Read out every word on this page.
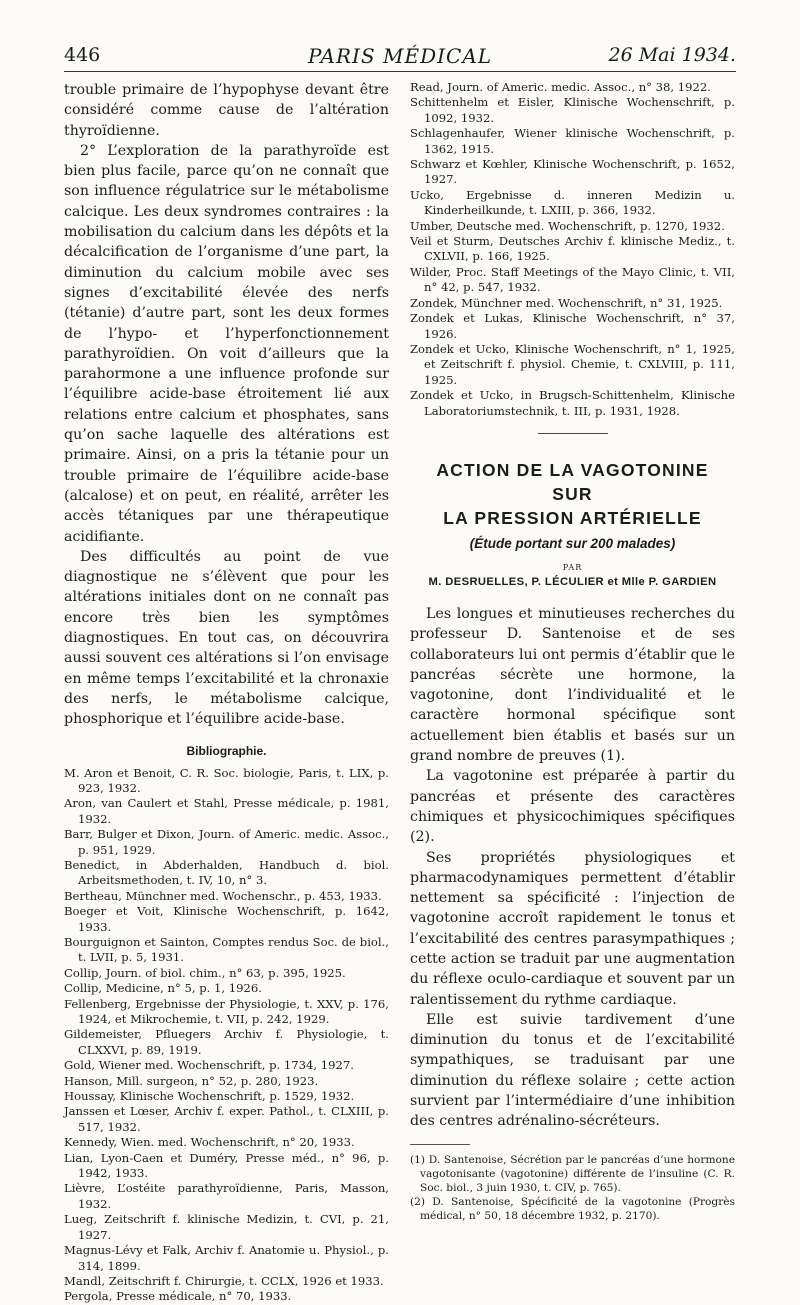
446	PARIS MÉDICAL	26 Mai 1934.

trouble primaire de l’hypophyse devant être considéré comme cause de l’altération thyroïdienne.

2° L’exploration de la parathyroïde est bien plus facile, parce qu’on ne connaît que son influence régulatrice sur le métabolisme calcique. Les deux syndromes contraires : la mobilisation du calcium dans les dépôts et la décalcification de l’organisme d’une part, la diminution du calcium mobile avec ses signes d’excitabilité élevée des nerfs (tétanie) d’autre part, sont les deux formes de l’hypo- et l’hyperfonctionnement parathyroïdien. On voit d’ailleurs que la parahormone a une influence profonde sur l’équilibre acide-base étroitement lié aux relations entre calcium et phosphates, sans qu’on sache laquelle des altérations est primaire. Ainsi, on a pris la tétanie pour un trouble primaire de l’équilibre acide-base (alcalose) et on peut, en réalité, arrêter les accès tétaniques par une thérapeutique acidifiante.

Des difficultés au point de vue diagnostique ne s’élèvent que pour les altérations initiales dont on ne connaît pas encore très bien les symptômes diagnostiques. En tout cas, on découvrira aussi souvent ces altérations si l’on envisage en même temps l’excitabilité et la chronaxie des nerfs, le métabolisme calcique, phosphorique et l’équilibre acide-base.

Bibliographie.
M. Aron et Benoit, C. R. Soc. biologie, Paris, t. LIX, p. 923, 1932.
Aron, van Caulert et Stahl, Presse médicale, p. 1981, 1932.
Barr, Bulger et Dixon, Journ. of Americ. medic. Assoc., p. 951, 1929.
Benedict, in Abderhalden, Handbuch d. biol. Arbeitsmethoden, t. IV, 10, n° 3.
Bertheau, Münchner med. Wochenschr., p. 453, 1933.
Boeger et Voit, Klinische Wochenschrift, p. 1642, 1933.
Bourguignon et Sainton, Comptes rendus Soc. de biol., t. LVII, p. 5, 1931.
Collip, Journ. of biol. chim., n° 63, p. 395, 1925.
Collip, Medicine, n° 5, p. 1, 1926.
Fellenberg, Ergebnisse der Physiologie, t. XXV, p. 176, 1924, et Mikrochemie, t. VII, p. 242, 1929.
Gildemeister, Pfluegers Archiv f. Physiologie, t. CLXXVI, p. 89, 1919.
Gold, Wiener med. Wochenschrift, p. 1734, 1927.
Hanson, Mill. surgeon, n° 52, p. 280, 1923.
Houssay, Klinische Wochenschrift, p. 1529, 1932.
Janssen et Lœser, Archiv f. exper. Pathol., t. CLXIII, p. 517, 1932.
Kennedy, Wien. med. Wochenschrift, n° 20, 1933.
Lian, Lyon-Caen et Duméry, Presse méd., n° 96, p. 1942, 1933.
Lièvre, L’ostéite parathyroïdienne, Paris, Masson, 1932.
Lueg, Zeitschrift f. klinische Medizin, t. CVI, p. 21, 1927.
Magnus-Lévy et Falk, Archiv f. Anatomie u. Physiol., p. 314, 1899.
Mandl, Zeitschrift f. Chirurgie, t. CCLX, 1926 et 1933.
Pergola, Presse médicale, n° 70, 1933.
Read, Journ. of Americ. medic. Assoc., n° 38, 1922.
Schittenhelm et Eisler, Klinische Wochenschrift, p. 1092, 1932.
Schlagenhaufer, Wiener klinische Wochenschrift, p. 1362, 1915.
Schwarz et Kœhler, Klinische Wochenschrift, p. 1652, 1927.
Ucko, Ergebnisse d. inneren Medizin u. Kinderheilkunde, t. LXIII, p. 366, 1932.
Umber, Deutsche med. Wochenschrift, p. 1270, 1932.
Veil et Sturm, Deutsches Archiv f. klinische Mediz., t. CXLVII, p. 166, 1925.
Wilder, Proc. Staff Meetings of the Mayo Clinic, t. VII, n° 42, p. 547, 1932.
Zondek, Münchner med. Wochenschrift, n° 31, 1925.
Zondek et Lukas, Klinische Wochenschrift, n° 37, 1926.
Zondek et Ucko, Klinische Wochenschrift, n° 1, 1925, et Zeitschrift f. physiol. Chemie, t. CXLVIII, p. 111, 1925.
Zondek et Ucko, in Brugsch-Schittenhelm, Klinische Laboratoriumstechnik, t. III, p. 1931, 1928.

ACTION DE LA VAGOTONINE

SUR

LA PRESSION ARTÉRIELLE

(Étude portant sur 200 malades)

PAR

M. DESRUELLES, P. LÉCULIER et Mlle P. GARDIEN

Les longues et minutieuses recherches du professeur D. Santenoise et de ses collaborateurs lui ont permis d’établir que le pancréas sécrète une hormone, la vagotonine, dont l’individualité et le caractère hormonal spécifique sont actuellement bien établis et basés sur un grand nombre de preuves (1).

La vagotonine est préparée à partir du pancréas et présente des caractères chimiques et physicochimiques spécifiques (2).

Ses propriétés physiologiques et pharmacodynamiques permettent d’établir nettement sa spécificité : l’injection de vagotonine accroît rapidement le tonus et l’excitabilité des centres parasympathiques ; cette action se traduit par une augmentation du réflexe oculo-cardiaque et souvent par un ralentissement du rythme cardiaque.

Elle est suivie tardivement d’une diminution du tonus et de l’excitabilité sympathiques, se traduisant par une diminution du réflexe solaire ; cette action survient par l’intermédiaire d’une inhibition des centres adrénalino-sécréteurs.

(1) D. Santenoise, Sécrétion par le pancréas d’une hormone vagotonisante (vagotonine) différente de l’insuline (C. R. Soc. biol., 3 juin 1930, t. CIV, p. 765).

(2) D. Santenoise, Spécificité de la vagotonine (Progrès médical, n° 50, 18 décembre 1932, p. 2170).
